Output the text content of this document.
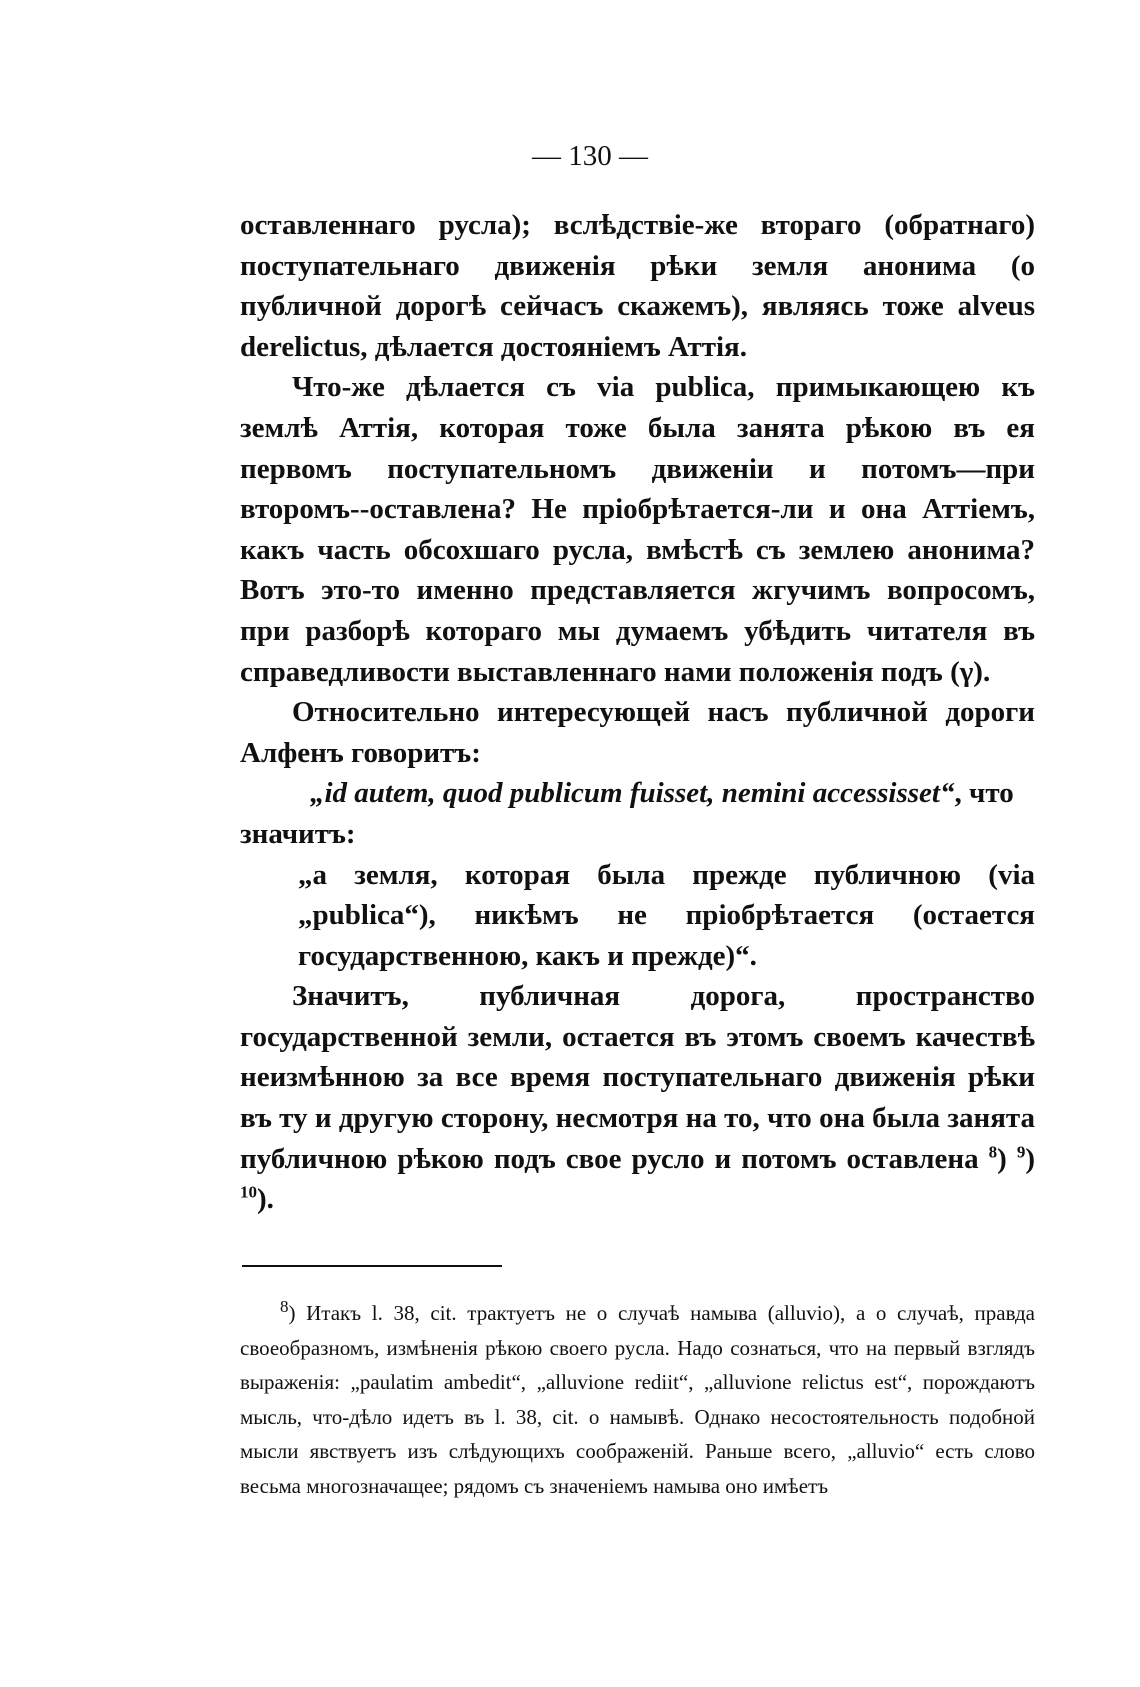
— 130 —

оставленнаго русла); вслѣдствіе-же втораго (обратнаго) поступательнаго движенія рѣки земля анонима (о публичной дорогѣ сейчасъ скажемъ), являясь тоже alveus derelictus, дѣлается достояніемъ Аттія.

Что-же дѣлается съ via publica, примыкающею къ землѣ Аттія, которая тоже была занята рѣкою въ ея первомъ поступательномъ движеніи и потомъ—при второмъ--оставлена? Не пріобрѣтается-ли и она Аттіемъ, какъ часть обсохшаго русла, вмѣстѣ съ землею анонима? Вотъ это-то именно представляется жгучимъ вопросомъ, при разборѣ котораго мы думаемъ убѣдить читателя въ справедливости выставленнаго нами положенія подъ (γ).

Относительно интересующей насъ публичной дороги Алфенъ говоритъ:

„id autem, quod publicum fuisset, nemini accessisset“, что

значитъ:

„а земля, которая была прежде публичною (via „publica“), никѣмъ не пріобрѣтается (остается государственною, какъ и прежде)“.

Значитъ, публичная дорога, пространство государственной земли, остается въ этомъ своемъ качествѣ неизмѣнною за все время поступательнаго движенія рѣки въ ту и другую сторону, несмотря на то, что она была занята публичною рѣкою подъ свое русло и потомъ оставлена $^8$) $^9$) $^{10}$).

$^8$) Итакъ l. 38, cit. трактуетъ не о случаѣ намыва (alluvio), а о случаѣ, правда своеобразномъ, измѣненія рѣкою своего русла. Надо сознаться, что на первый взглядъ выраженія: „paulatim ambedit“, „alluvione rediit“, „alluvione relictus est“, порождаютъ мысль, что-дѣло идетъ въ l. 38, cit. о намывѣ. Однако несостоятельность подобной мысли явствуетъ изъ слѣдующихъ соображеній. Раньше всего, „alluvio“ есть слово весьма многозначащее; рядомъ съ значеніемъ намыва оно имѣетъ
